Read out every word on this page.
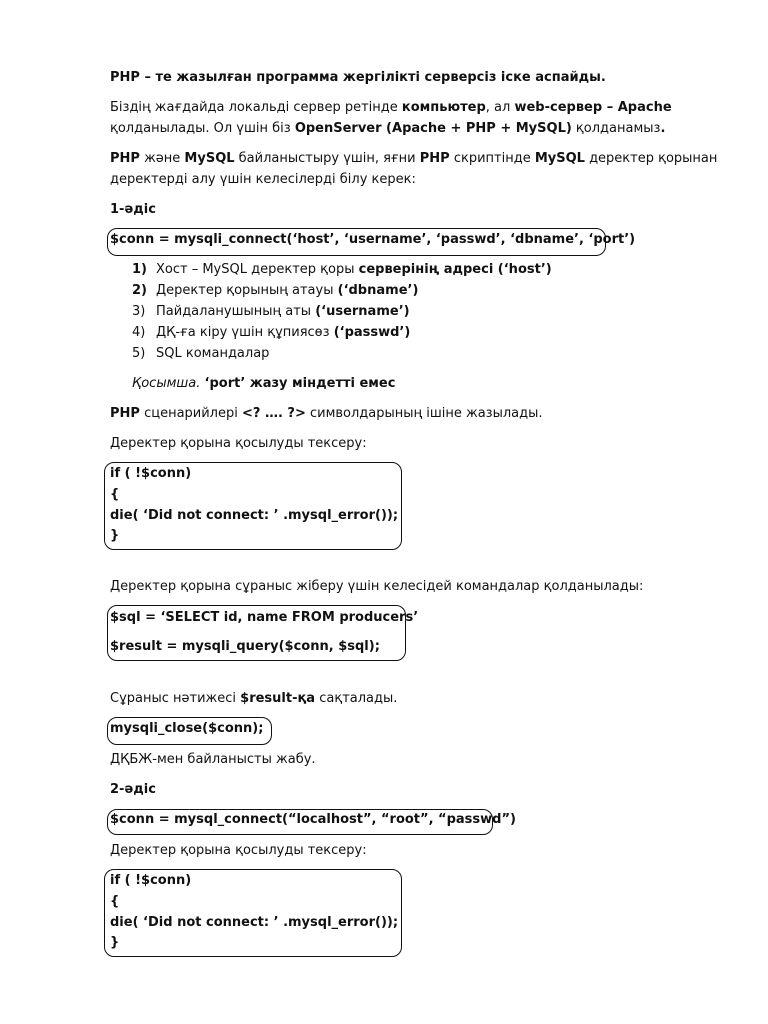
PHP – те жазылған программа жергілікті серверсіз іске аспайды.

Біздің жағдайда локальді сервер ретінде компьютер, ал web-сервер – Apache

қолданылады. Ол үшін біз OpenServer (Apache + PHP + MySQL) қолданамыз.

PHP және MySQL байланыстыру үшін, яғни PHP скриптінде MySQL деректер қорынан

деректерді алу үшін келесілерді білу керек:

1-әдіс

$conn = mysqli_connect(‘host’, ‘username’, ‘passwd’, ‘dbname’, ‘port’)
1) Хост – MySQL деректер қоры серверінің адресі (‘host’)
2) Деректер қорының атауы (‘dbname’)
3) Пайдаланушының аты (‘username’)
4) ДҚ-ға кіру үшін құпиясөз (‘passwd’)
5) SQL командалар

Қосымша. ‘port’ жазу міндетті емес

PHP сценарийлері <? …. ?> символдарының ішіне жазылады.

Деректер қорына қосылуды тексеру:

if ( !$conn)
{
die( ‘Did not connect: ’ .mysql_error());
}

Деректер қорына сұраныс жіберу үшін келесідей командалар қолданылады:

$sql = ‘SELECT id, name FROM producers’
$result = mysqli_query($conn, $sql);

Сұраныс нәтижесі $result-қа сақталады.

mysqli_close($conn);

ДҚБЖ-мен байланысты жабу.

2-әдіс

$conn = mysql_connect(“localhost”, “root”, “passwd”)

Деректер қорына қосылуды тексеру:

if ( !$conn)
{
die( ‘Did not connect: ’ .mysql_error());
}
